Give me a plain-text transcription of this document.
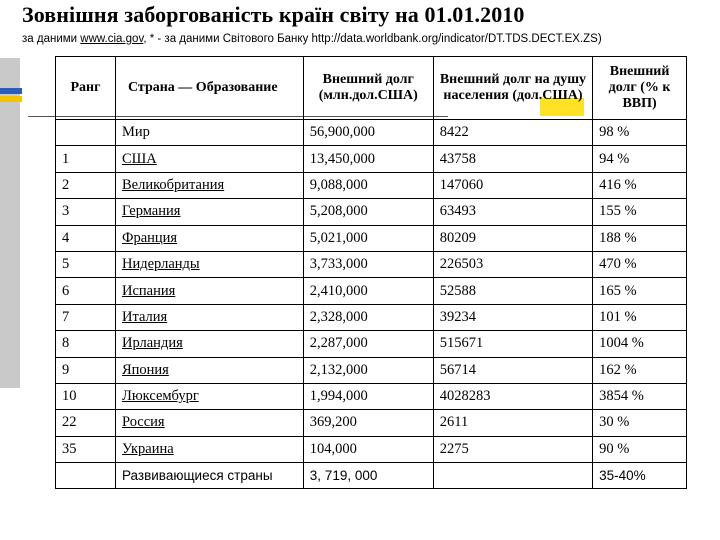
Зовнішня заборгованість країн світу на 01.01.2010
за даними www.cia.gov, * - за даними Світового Банку http://data.worldbank.org/indicator/DT.TDS.DECT.EX.ZS)
Ранг	Страна — Образование	Внешний долг (млн.дол.США)	Внешний долг на душу населения (дол.США)	Внешний долг (% к ВВП)
	Мир	56,900,000	8422	98 %
1	США	13,450,000	43758	94 %
2	Великобритания	9,088,000	147060	416 %
3	Германия	5,208,000	63493	155 %
4	Франция	5,021,000	80209	188 %
5	Нидерланды	3,733,000	226503	470 %
6	Испания	2,410,000	52588	165 %
7	Италия	2,328,000	39234	101 %
8	Ирландия	2,287,000	515671	1004 %
9	Япония	2,132,000	56714	162 %
10	Люксембург	1,994,000	4028283	3854 %
22	Россия	369,200	2611	30 %
35	Украина	104,000	2275	90 %
	Развивающиеся страны	3, 719, 000		35-40%
